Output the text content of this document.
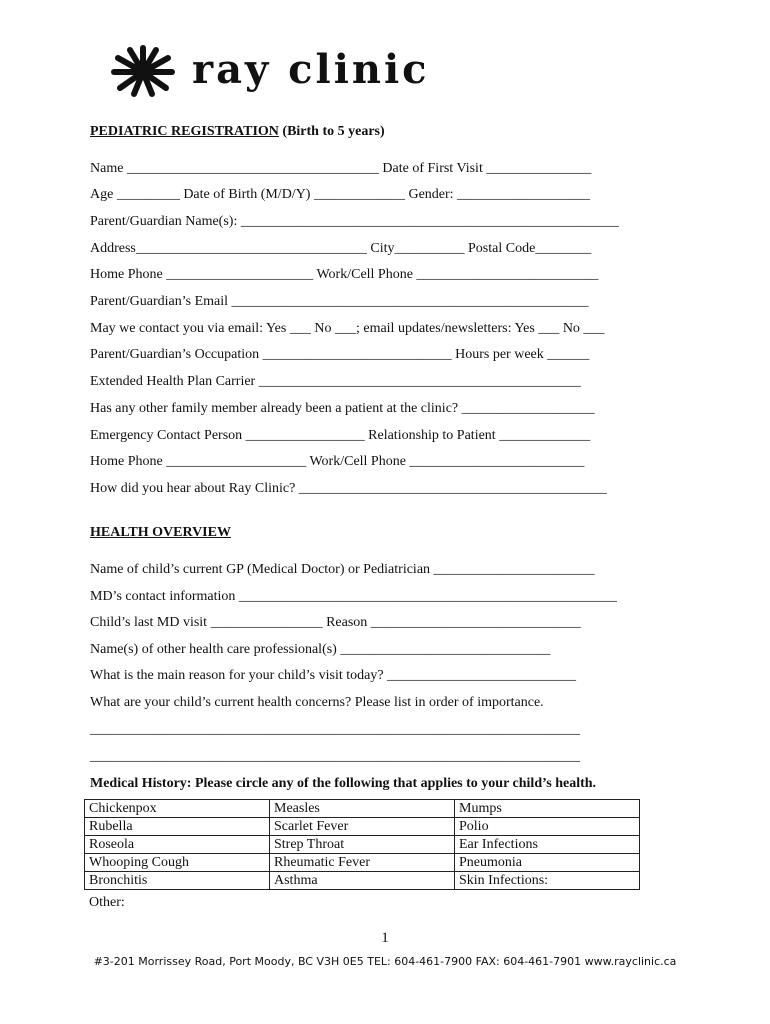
ray clinic
PEDIATRIC REGISTRATION (Birth to 5 years)
Name ____________________________________ Date of First Visit _______________
Age _________ Date of Birth (M/D/Y) _____________ Gender: ___________________
Parent/Guardian Name(s): ______________________________________________________
Address_________________________________ City__________ Postal Code________
Home Phone _____________________ Work/Cell Phone __________________________
Parent/Guardian’s Email ___________________________________________________
May we contact you via email: Yes ___ No ___; email updates/newsletters: Yes ___ No ___
Parent/Guardian’s Occupation ___________________________ Hours per week ______
Extended Health Plan Carrier ______________________________________________
Has any other family member already been a patient at the clinic? ___________________
Emergency Contact Person _________________ Relationship to Patient _____________
Home Phone ____________________ Work/Cell Phone _________________________
How did you hear about Ray Clinic? ____________________________________________
HEALTH OVERVIEW
Name of child’s current GP (Medical Doctor) or Pediatrician _______________________
MD’s contact information ______________________________________________________
Child’s last MD visit ________________ Reason ______________________________
Name(s) of other health care professional(s) ______________________________
What is the main reason for your child’s visit today? ___________________________
What are your child’s current health concerns? Please list in order of importance.
______________________________________________________________________
______________________________________________________________________
Medical History: Please circle any of the following that applies to your child’s health.
Chickenpox	Measles	Mumps
Rubella	Scarlet Fever	Polio
Roseola	Strep Throat	Ear Infections
Whooping Cough	Rheumatic Fever	Pneumonia
Bronchitis	Asthma	Skin Infections:
Other:
1
#3-201 Morrissey Road, Port Moody, BC V3H 0E5 TEL: 604-461-7900 FAX: 604-461-7901 www.rayclinic.ca
